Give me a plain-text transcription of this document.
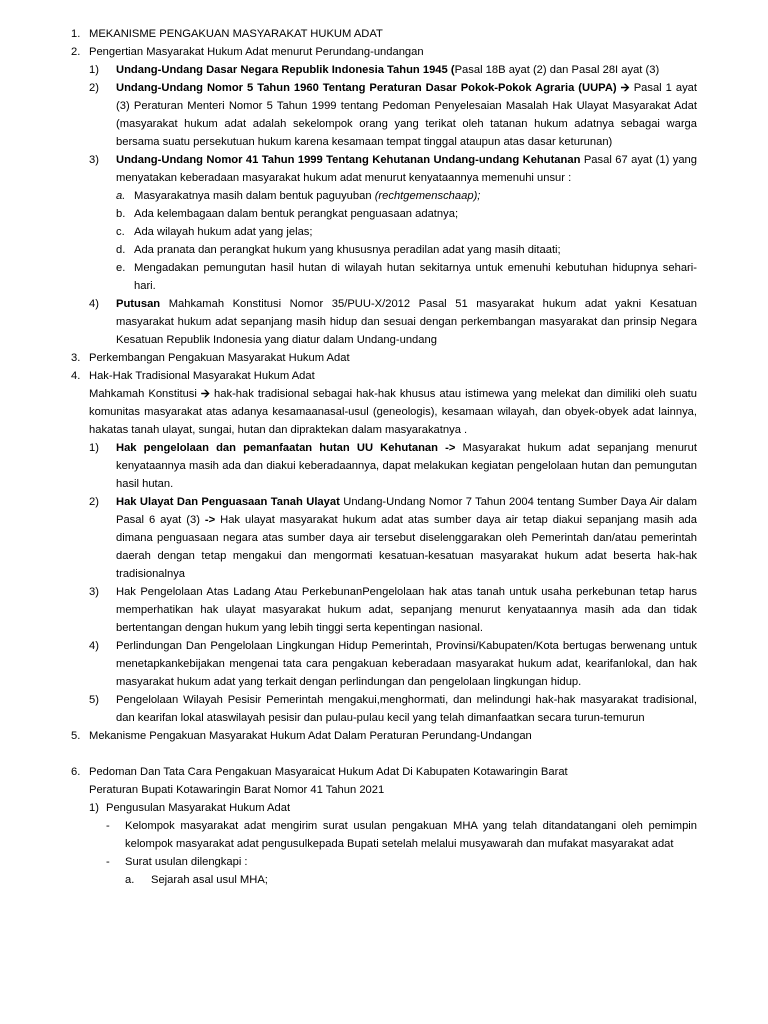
1. MEKANISME PENGAKUAN MASYARAKAT HUKUM ADAT
2. Pengertian Masyarakat Hukum Adat menurut Perundang-undangan
1) Undang-Undang Dasar Negara Republik Indonesia Tahun 1945 (Pasal 18B ayat (2) dan Pasal 28I ayat (3)
2) Undang-Undang Nomor 5 Tahun 1960 Tentang Peraturan Dasar Pokok-Pokok Agraria (UUPA) 🡪 Pasal 1 ayat (3) Peraturan Menteri Nomor 5 Tahun 1999 tentang Pedoman Penyelesaian Masalah Hak Ulayat Masyarakat Adat (masyarakat hukum adat adalah sekelompok orang yang terikat oleh tatanan hukum adatnya sebagai warga bersama suatu persekutuan hukum karena kesamaan tempat tinggal ataupun atas dasar keturunan)
3) Undang-Undang Nomor 41 Tahun 1999 Tentang Kehutanan Undang-undang Kehutanan Pasal 67 ayat (1) yang menyatakan keberadaan masyarakat hukum adat menurut kenyataannya memenuhi unsur :
a. Masyarakatnya masih dalam bentuk paguyuban (rechtgemenschaap);
b. Ada kelembagaan dalam bentuk perangkat penguasaan adatnya;
c. Ada wilayah hukum adat yang jelas;
d. Ada pranata dan perangkat hukum yang khususnya peradilan adat yang masih ditaati;
e. Mengadakan pemungutan hasil hutan di wilayah hutan sekitarnya untuk emenuhi kebutuhan hidupnya sehari-hari.
4) Putusan Mahkamah Konstitusi Nomor 35/PUU-X/2012 Pasal 51 masyarakat hukum adat yakni Kesatuan masyarakat hukum adat sepanjang masih hidup dan sesuai dengan perkembangan masyarakat dan prinsip Negara Kesatuan Republik Indonesia yang diatur dalam Undang-undang
3. Perkembangan Pengakuan Masyarakat Hukum Adat
4. Hak-Hak Tradisional Masyarakat Hukum Adat
Mahkamah Konstitusi 🡪 hak-hak tradisional sebagai hak-hak khusus atau istimewa yang melekat dan dimiliki oleh suatu komunitas masyarakat atas adanya kesamaanasal-usul (geneologis), kesamaan wilayah, dan obyek-obyek adat lainnya, hakatas tanah ulayat, sungai, hutan dan dipraktekan dalam masyarakatnya .
1) Hak pengelolaan dan pemanfaatan hutan UU Kehutanan -> Masyarakat hukum adat sepanjang menurut kenyataannya masih ada dan diakui keberadaannya, dapat melakukan kegiatan pengelolaan hutan dan pemungutan hasil hutan.
2) Hak Ulayat Dan Penguasaan Tanah Ulayat Undang-Undang Nomor 7 Tahun 2004 tentang Sumber Daya Air dalam Pasal 6 ayat (3) -> Hak ulayat masyarakat hukum adat atas sumber daya air tetap diakui sepanjang masih ada dimana penguasaan negara atas sumber daya air tersebut diselenggarakan oleh Pemerintah dan/atau pemerintah daerah dengan tetap mengakui dan mengormati kesatuan-kesatuan masyarakat hukum adat beserta hak-hak tradisionalnya
3) Hak Pengelolaan Atas Ladang Atau PerkebunanPengelolaan hak atas tanah untuk usaha perkebunan tetap harus memperhatikan hak ulayat masyarakat hukum adat, sepanjang menurut kenyataannya masih ada dan tidak bertentangan dengan hukum yang lebih tinggi serta kepentingan nasional.
4) Perlindungan Dan Pengelolaan Lingkungan Hidup Pemerintah, Provinsi/Kabupaten/Kota bertugas berwenang untuk menetapkankebijakan mengenai tata cara pengakuan keberadaan masyarakat hukum adat, kearifanlokal, dan hak masyarakat hukum adat yang terkait dengan perlindungan dan pengelolaan lingkungan hidup.
5) Pengelolaan Wilayah Pesisir Pemerintah mengakui,menghormati, dan melindungi hak-hak masyarakat tradisional, dan kearifan lokal ataswilayah pesisir dan pulau-pulau kecil yang telah dimanfaatkan secara turun-temurun
5. Mekanisme Pengakuan Masyarakat Hukum Adat Dalam Peraturan Perundang-Undangan
6. Pedoman Dan Tata Cara Pengakuan Masyaraicat Hukum Adat Di Kabupaten Kotawaringin Barat
Peraturan Bupati Kotawaringin Barat Nomor 41 Tahun 2021
1) Pengusulan Masyarakat Hukum Adat
- Kelompok masyarakat adat mengirim surat usulan pengakuan MHA yang telah ditandatangani oleh pemimpin kelompok masyarakat adat pengusulkepada Bupati setelah melalui musyawarah dan mufakat masyarakat adat
- Surat usulan dilengkapi :
a. Sejarah asal usul MHA;
